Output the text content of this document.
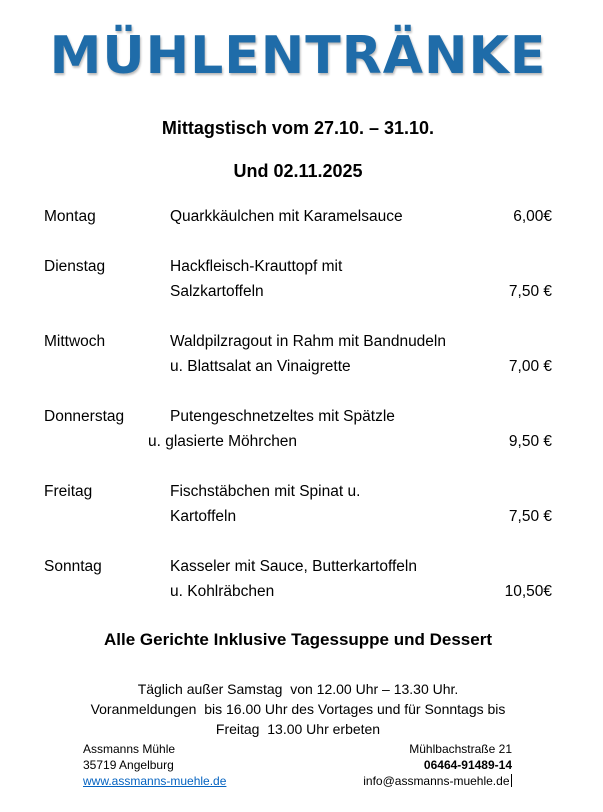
MÜHLENTRÄNKE
Mittagstisch vom 27.10. – 31.10.
Und 02.11.2025
Montag	Quarkkäulchen mit Karamelsauce	6,00€
Dienstag	Hackfleisch-Krauttopf mit
Salzkartoffeln	7,50 €
Mittwoch	Waldpilzragout in Rahm mit Bandnudeln
u. Blattsalat an Vinaigrette	7,00 €
Donnerstag	Putengeschnetzeltes mit Spätzle
u. glasierte Möhrchen	9,50 €
Freitag	Fischstäbchen mit Spinat u.
Kartoffeln	7,50 €
Sonntag	Kasseler mit Sauce, Butterkartoffeln
u. Kohlräbchen	10,50€
Alle Gerichte Inklusive Tagessuppe und Dessert
Täglich außer Samstag  von 12.00 Uhr – 13.30 Uhr.
Voranmeldungen  bis 16.00 Uhr des Vortages und für Sonntags bis
Freitag  13.00 Uhr erbeten
Assmanns Mühle
35719 Angelburg
www.assmanns-muehle.de
Mühlbachstraße 21
06464-91489-14
info@assmanns-muehle.de
